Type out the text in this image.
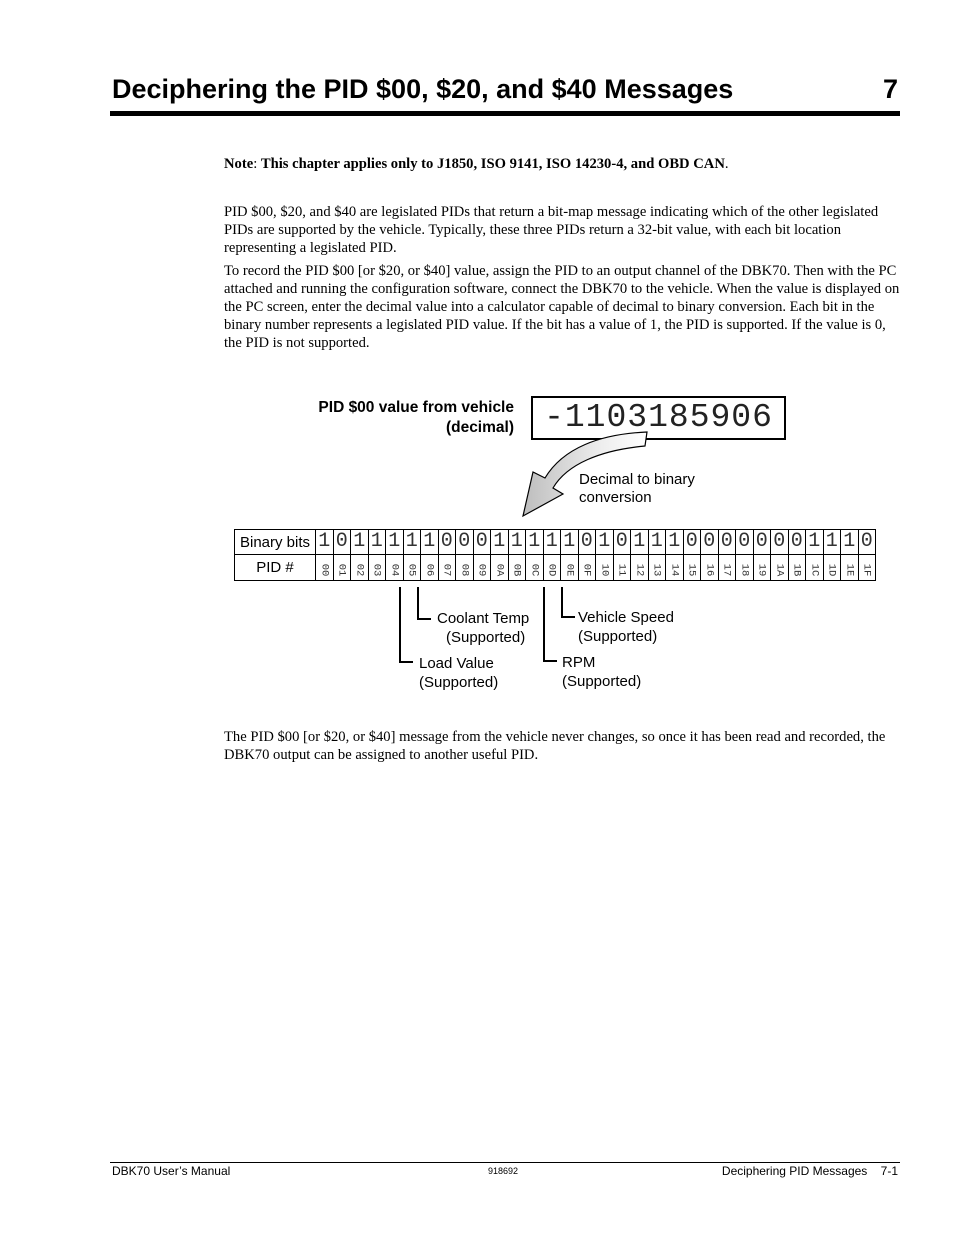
Deciphering the PID $00, $20, and $40 Messages	7
Note: This chapter applies only to J1850, ISO 9141, ISO 14230-4, and OBD CAN.
PID $00, $20, and $40 are legislated PIDs that return a bit-map message indicating which of the other legislated PIDs are supported by the vehicle. Typically, these three PIDs return a 32-bit value, with each bit location representing a legislated PID.
To record the PID $00 [or $20, or $40] value, assign the PID to an output channel of the DBK70. Then with the PC attached and running the configuration software, connect the DBK70 to the vehicle. When the value is displayed on the PC screen, enter the decimal value into a calculator capable of decimal to binary conversion. Each bit in the binary number represents a legislated PID value. If the bit has a value of 1, the PID is supported. If the value is 0, the PID is not supported.
PID $00 value from vehicle
(decimal) -1103185906
Decimal to binary
conversion
Binary bits	1	0	1	1	1	1	1	0	0	0	1	1	1	1	1	0	1	0	1	1	1	0	0	0	0	0	0	0	1	1	1	0
PID #	00	01	02	03	04	05	06	07	08	09	0A	0B	0C	0D	0E	0F	10	11	12	13	14	15	16	17	18	19	1A	1B	1C	1D	1E	1F
Coolant Temp
(Supported)
Vehicle Speed
(Supported)
Load Value
(Supported)
RPM
(Supported)
The PID $00 [or $20, or $40] message from the vehicle never changes, so once it has been read and recorded, the DBK70 output can be assigned to another useful PID.
DBK70 User’s Manual	918692	Deciphering PID Messages    7-1
